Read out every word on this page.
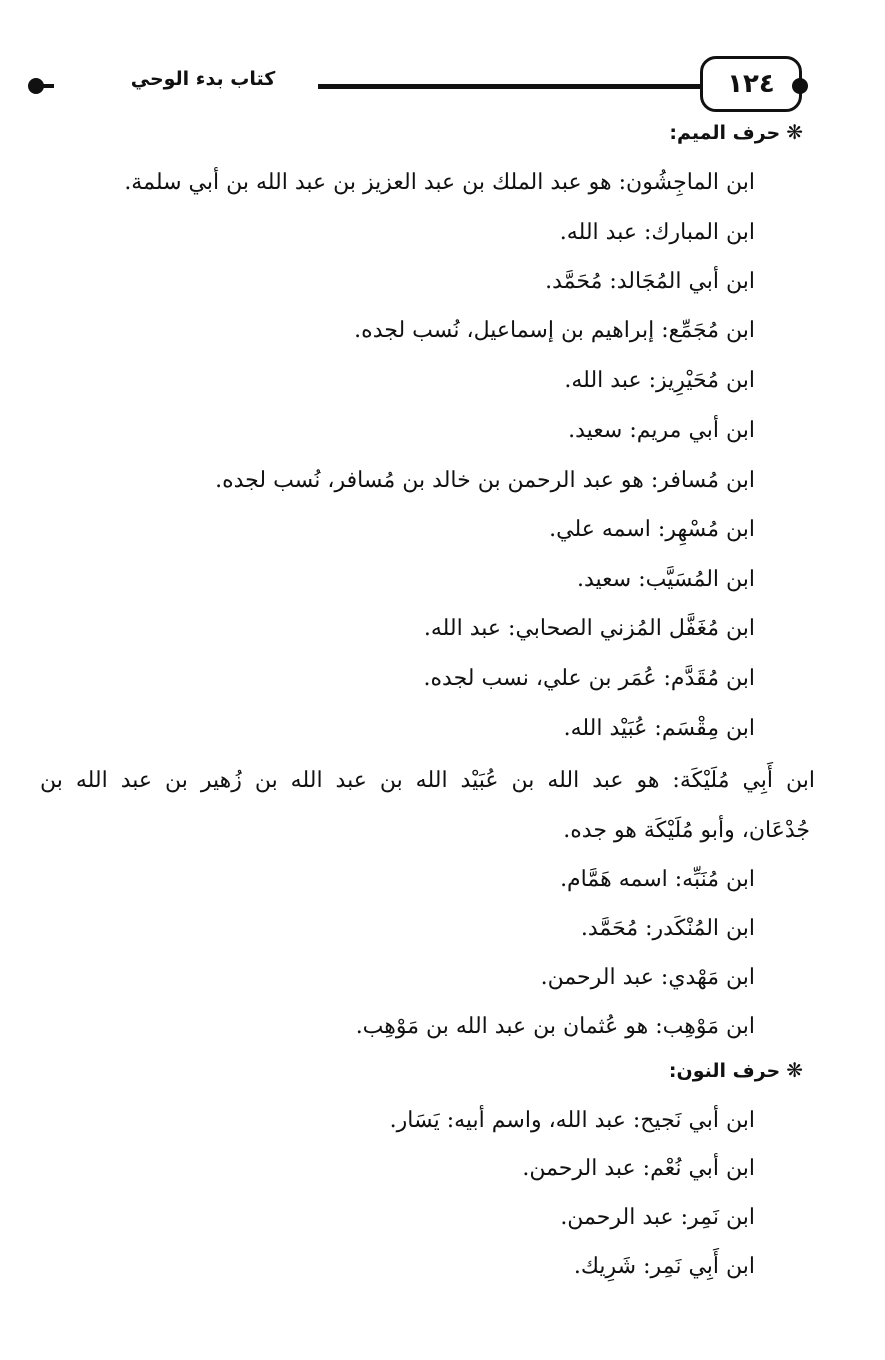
كتاب بدء الوحي	١٢٤
❋حرف الميم:
ابن الماجِشُون: هو عبد الملك بن عبد العزيز بن عبد الله بن أبي سلمة.
ابن المبارك: عبد الله.
ابن أبي المُجَالد: مُحَمَّد.
ابن مُجَمِّع: إبراهيم بن إسماعيل، نُسب لجده.
ابن مُحَيْرِيز: عبد الله.
ابن أبي مريم: سعيد.
ابن مُسافر: هو عبد الرحمن بن خالد بن مُسافر، نُسب لجده.
ابن مُسْهِر: اسمه علي.
ابن المُسَيَّب: سعيد.
ابن مُغَفَّل المُزني الصحابي: عبد الله.
ابن مُقَدَّم: عُمَر بن علي، نسب لجده.
ابن مِقْسَم: عُبَيْد الله.
ابن أَبِي مُلَيْكَة: هو عبد الله بن عُبَيْد الله بن عبد الله بن زُهير بن عبد الله بن
جُدْعَان، وأبو مُلَيْكَة هو جده.
ابن مُنَبِّه: اسمه هَمَّام.
ابن المُنْكَدر: مُحَمَّد.
ابن مَهْدي: عبد الرحمن.
ابن مَوْهِب: هو عُثمان بن عبد الله بن مَوْهِب.
❋حرف النون:
ابن أبي نَجيح: عبد الله، واسم أبيه: يَسَار.
ابن أبي نُعْم: عبد الرحمن.
ابن نَمِر: عبد الرحمن.
ابن أَبِي نَمِر: شَرِيك.
